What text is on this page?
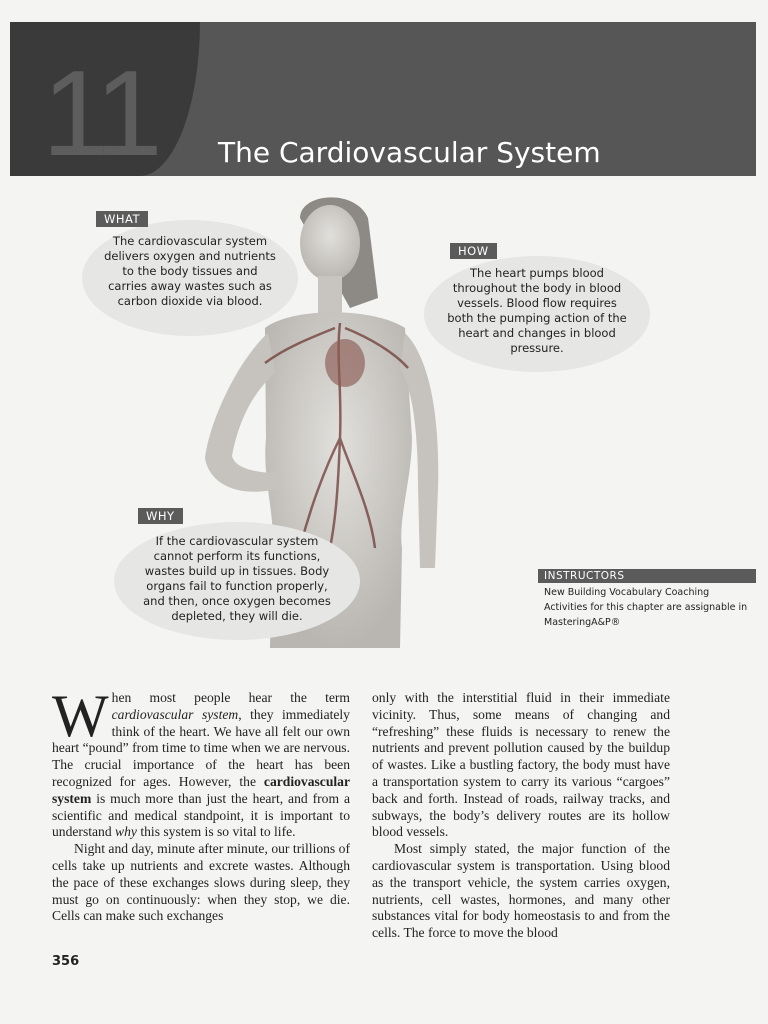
11 The Cardiovascular System
The cardiovascular system delivers oxygen and nutrients to the body tissues and carries away wastes such as carbon dioxide via blood.
WHAT
The heart pumps blood throughout the body in blood vessels. Blood flow requires both the pumping action of the heart and changes in blood pressure.
HOW
If the cardiovascular system cannot perform its functions, wastes build up in tissues. Body organs fail to function properly, and then, once oxygen becomes depleted, they will die.
WHY
INSTRUCTORS
New Building Vocabulary Coaching Activities for this chapter are assignable in MasteringA&P®

When most people hear the term cardiovascular system, they immediately think of the heart. We have all felt our own heart “pound” from time to time when we are nervous. The crucial importance of the heart has been recognized for ages. However, the cardiovascular system is much more than just the heart, and from a scientific and medical standpoint, it is important to understand why this system is so vital to life.

Night and day, minute after minute, our trillions of cells take up nutrients and excrete wastes. Although the pace of these exchanges slows during sleep, they must go on continuously: when they stop, we die. Cells can make such exchanges

only with the interstitial fluid in their immediate vicinity. Thus, some means of changing and “refreshing” these fluids is necessary to renew the nutrients and prevent pollution caused by the buildup of wastes. Like a bustling factory, the body must have a transportation system to carry its various “cargoes” back and forth. Instead of roads, railway tracks, and subways, the body’s delivery routes are its hollow blood vessels.

Most simply stated, the major function of the cardiovascular system is transportation. Using blood as the transport vehicle, the system carries oxygen, nutrients, cell wastes, hormones, and many other substances vital for body homeostasis to and from the cells. The force to move the blood

356
